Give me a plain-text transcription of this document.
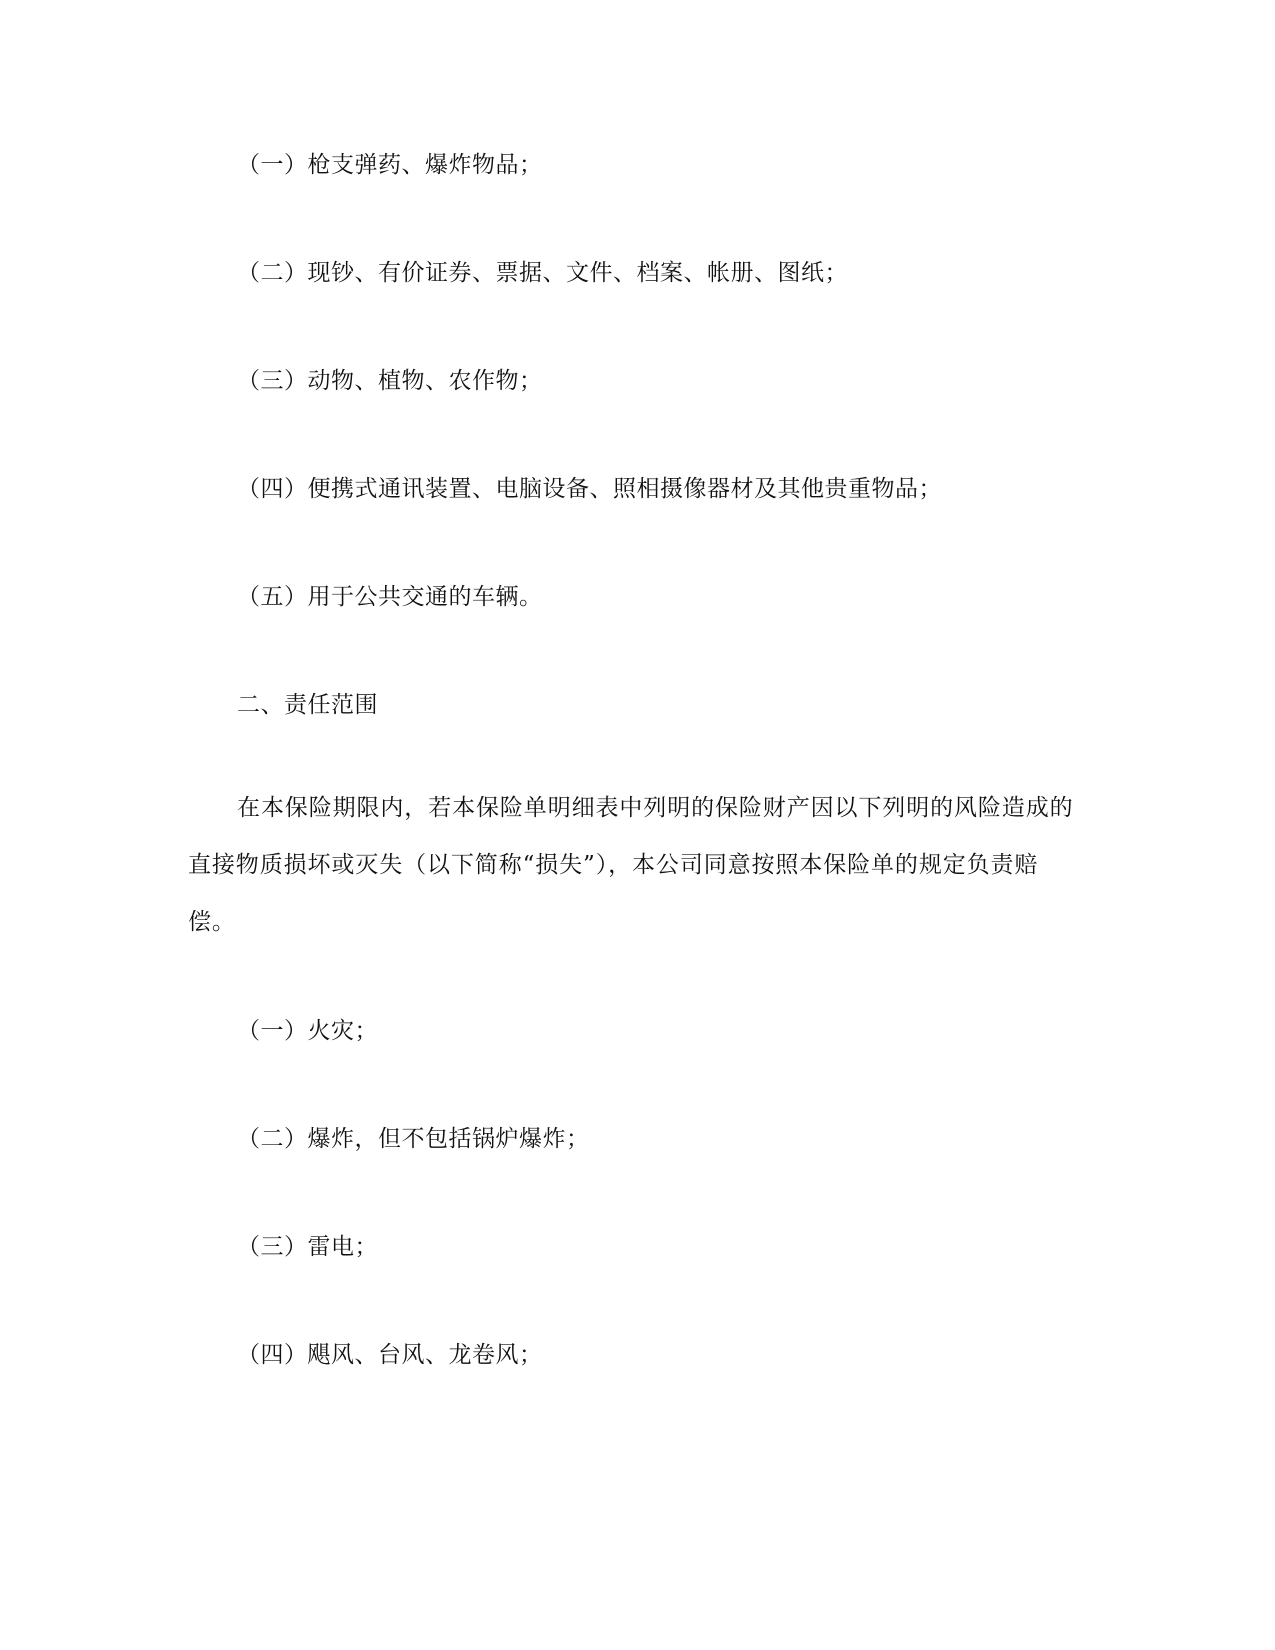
（一）枪支弹药、爆炸物品；
（二）现钞、有价证券、票据、文件、档案、帐册、图纸；
（三）动物、植物、农作物；
（四）便携式通讯装置、电脑设备、照相摄像器材及其他贵重物品；
（五）用于公共交通的车辆。
二、责任范围
在本保险期限内，若本保险单明细表中列明的保险财产因以下列明的风险造成的直接物质损坏或灭失（以下简称“损失”），本公司同意按照本保险单的规定负责赔偿。
（一）火灾；
（二）爆炸，但不包括锅炉爆炸；
（三）雷电；
（四）飓风、台风、龙卷风；
